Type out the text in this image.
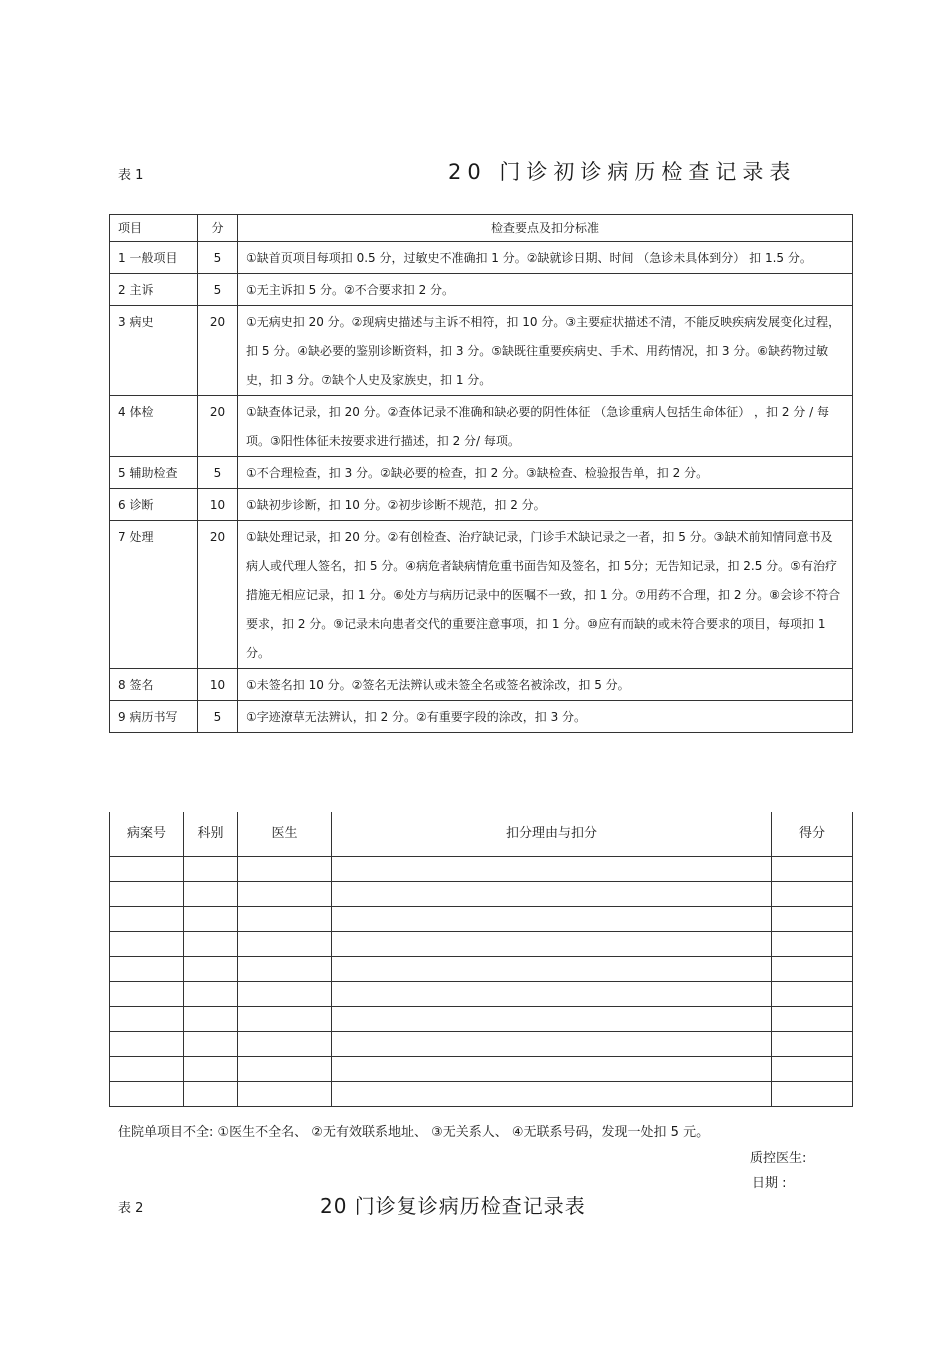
表 1	20 门诊初诊病历检查记录表
项目	分	检查要点及扣分标准
1 一般项目	5	①缺首页项目每项扣 0.5 分，过敏史不准确扣 1 分。②缺就诊日期、时间 （急诊未具体到分） 扣 1.5 分。
2 主诉	5	①无主诉扣 5 分。②不合要求扣 2 分。
3 病史	20	①无病史扣 20 分。②现病史描述与主诉不相符，扣 10 分。③主要症状描述不清，不能反映疾病发展变化过程，扣 5 分。④缺必要的鉴别诊断资料，扣 3 分。⑤缺既往重要疾病史、手术、用药情况，扣 3 分。⑥缺药物过敏史，扣 3 分。⑦缺个人史及家族史，扣 1 分。
4 体检	20	①缺查体记录，扣 20 分。②查体记录不准确和缺必要的阴性体征 （急诊重病人包括生命体征） ，扣 2 分 / 每项。③阳性体征未按要求进行描述，扣 2 分/ 每项。
5 辅助检查	5	①不合理检查，扣 3 分。②缺必要的检查，扣 2 分。③缺检查、检验报告单，扣 2 分。
6 诊断	10	①缺初步诊断，扣 10 分。②初步诊断不规范，扣 2 分。
7 处理	20	①缺处理记录，扣 20 分。②有创检查、治疗缺记录，门诊手术缺记录之一者，扣 5 分。③缺术前知情同意书及病人或代理人签名，扣 5 分。④病危者缺病情危重书面告知及签名，扣 5分；无告知记录，扣 2.5 分。⑤有治疗措施无相应记录，扣 1 分。⑥处方与病历记录中的医嘱不一致，扣 1 分。⑦用药不合理，扣 2 分。⑧会诊不符合要求，扣 2 分。⑨记录未向患者交代的重要注意事项，扣 1 分。⑩应有而缺的或未符合要求的项目，每项扣 1 分。
8 签名	10	①未签名扣 10 分。②签名无法辨认或未签全名或签名被涂改，扣 5 分。
9 病历书写	5	①字迹潦草无法辨认，扣 2 分。②有重要字段的涂改，扣 3 分。
病案号	科别	医生	扣分理由与扣分	得分

住院单项目不全: ①医生不全名、 ②无有效联系地址、 ③无关系人、 ④无联系号码，发现一处扣 5 元。
质控医生:
日期 :
表 2	20 门诊复诊病历检查记录表
